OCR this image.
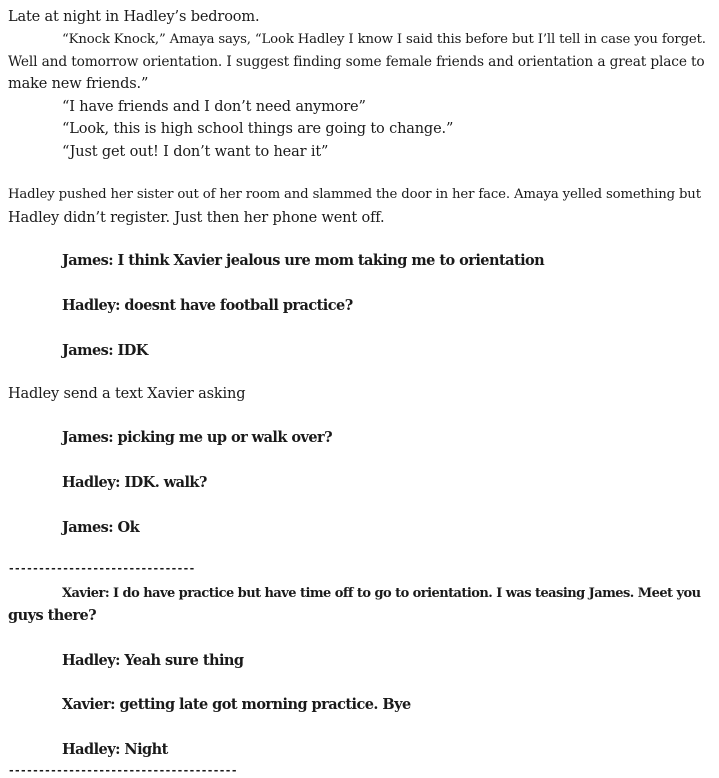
Late at night in Hadley’s bedroom.
“Knock Knock,” Amaya says, “Look Hadley I know I said this before but I’ll tell in case you forget.
Well and tomorrow orientation. I suggest finding some female friends and orientation a great place to
make new friends.”
“I have friends and I don’t need anymore”
“Look, this is high school things are going to change.”
“Just get out! I don’t want to hear it”
Hadley pushed her sister out of her room and slammed the door in her face. Amaya yelled something but
Hadley didn’t register. Just then her phone went off.
James: I think Xavier jealous ure mom taking me to orientation
Hadley: doesnt have football practice?
James: IDK
Hadley send a text Xavier asking
James: picking me up or walk over?
Hadley: IDK. walk?
James: Ok
-------------------------------
Xavier: I do have practice but have time off to go to orientation. I was teasing James. Meet you
guys there?
Hadley: Yeah sure thing
Xavier: getting late got morning practice. Bye
Hadley: Night
--------------------------------------
